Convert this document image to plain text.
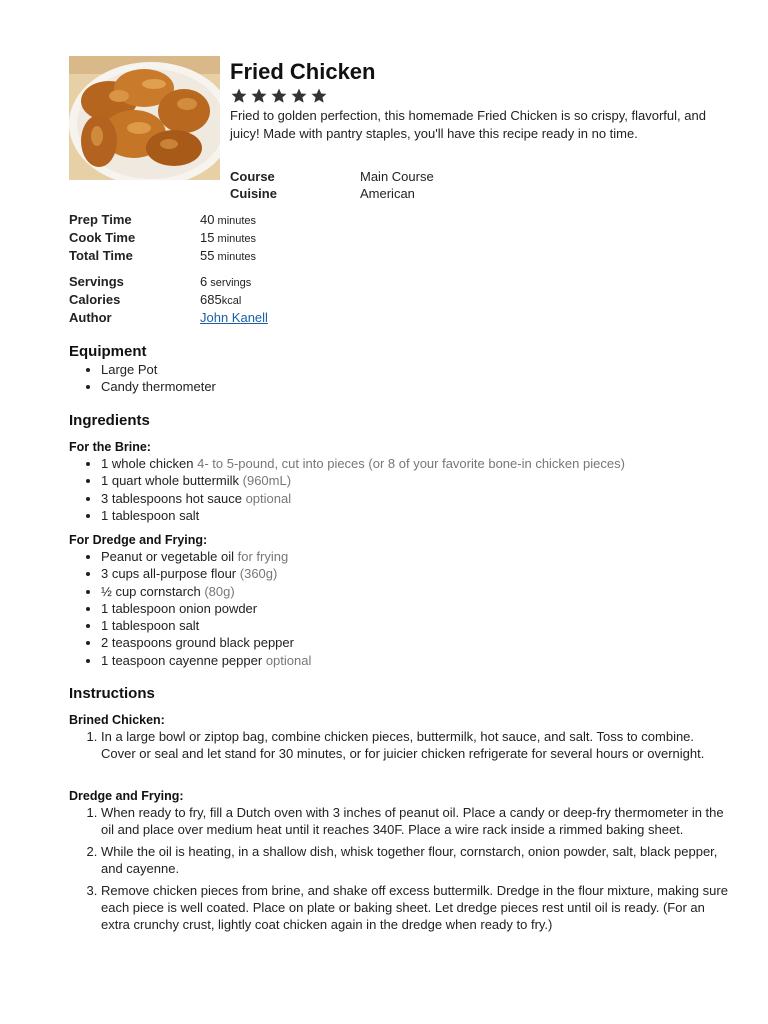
Fried Chicken

Fried to golden perfection, this homemade Fried Chicken is so crispy, flavorful, and juicy! Made with pantry staples, you'll have this recipe ready in no time.

Course	Main Course
Cuisine	American
Prep Time	40 minutes
Cook Time	15 minutes
Total Time	55 minutes
Servings	6 servings
Calories	685kcal
Author	John Kanell
Equipment
• Large Pot
• Candy thermometer
Ingredients
For the Brine:
• 1 whole chicken 4- to 5-pound, cut into pieces (or 8 of your favorite bone-in chicken pieces)
• 1 quart whole buttermilk (960mL)
• 3 tablespoons hot sauce optional
• 1 tablespoon salt
For Dredge and Frying:
• Peanut or vegetable oil for frying
• 3 cups all-purpose flour (360g)
• ½ cup cornstarch (80g)
• 1 tablespoon onion powder
• 1 tablespoon salt
• 2 teaspoons ground black pepper
• 1 teaspoon cayenne pepper optional
Instructions
Brined Chicken:
1. In a large bowl or ziptop bag, combine chicken pieces, buttermilk, hot sauce, and salt. Toss to combine. Cover or seal and let stand for 30 minutes, or for juicier chicken refrigerate for several hours or overnight.
Dredge and Frying:
1. When ready to fry, fill a Dutch oven with 3 inches of peanut oil. Place a candy or deep-fry thermometer in the oil and place over medium heat until it reaches 340F. Place a wire rack inside a rimmed baking sheet.
2. While the oil is heating, in a shallow dish, whisk together flour, cornstarch, onion powder, salt, black pepper, and cayenne.
3. Remove chicken pieces from brine, and shake off excess buttermilk. Dredge in the flour mixture, making sure each piece is well coated. Place on plate or baking sheet. Let dredge pieces rest until oil is ready. (For an extra crunchy crust, lightly coat chicken again in the dredge when ready to fry.)
